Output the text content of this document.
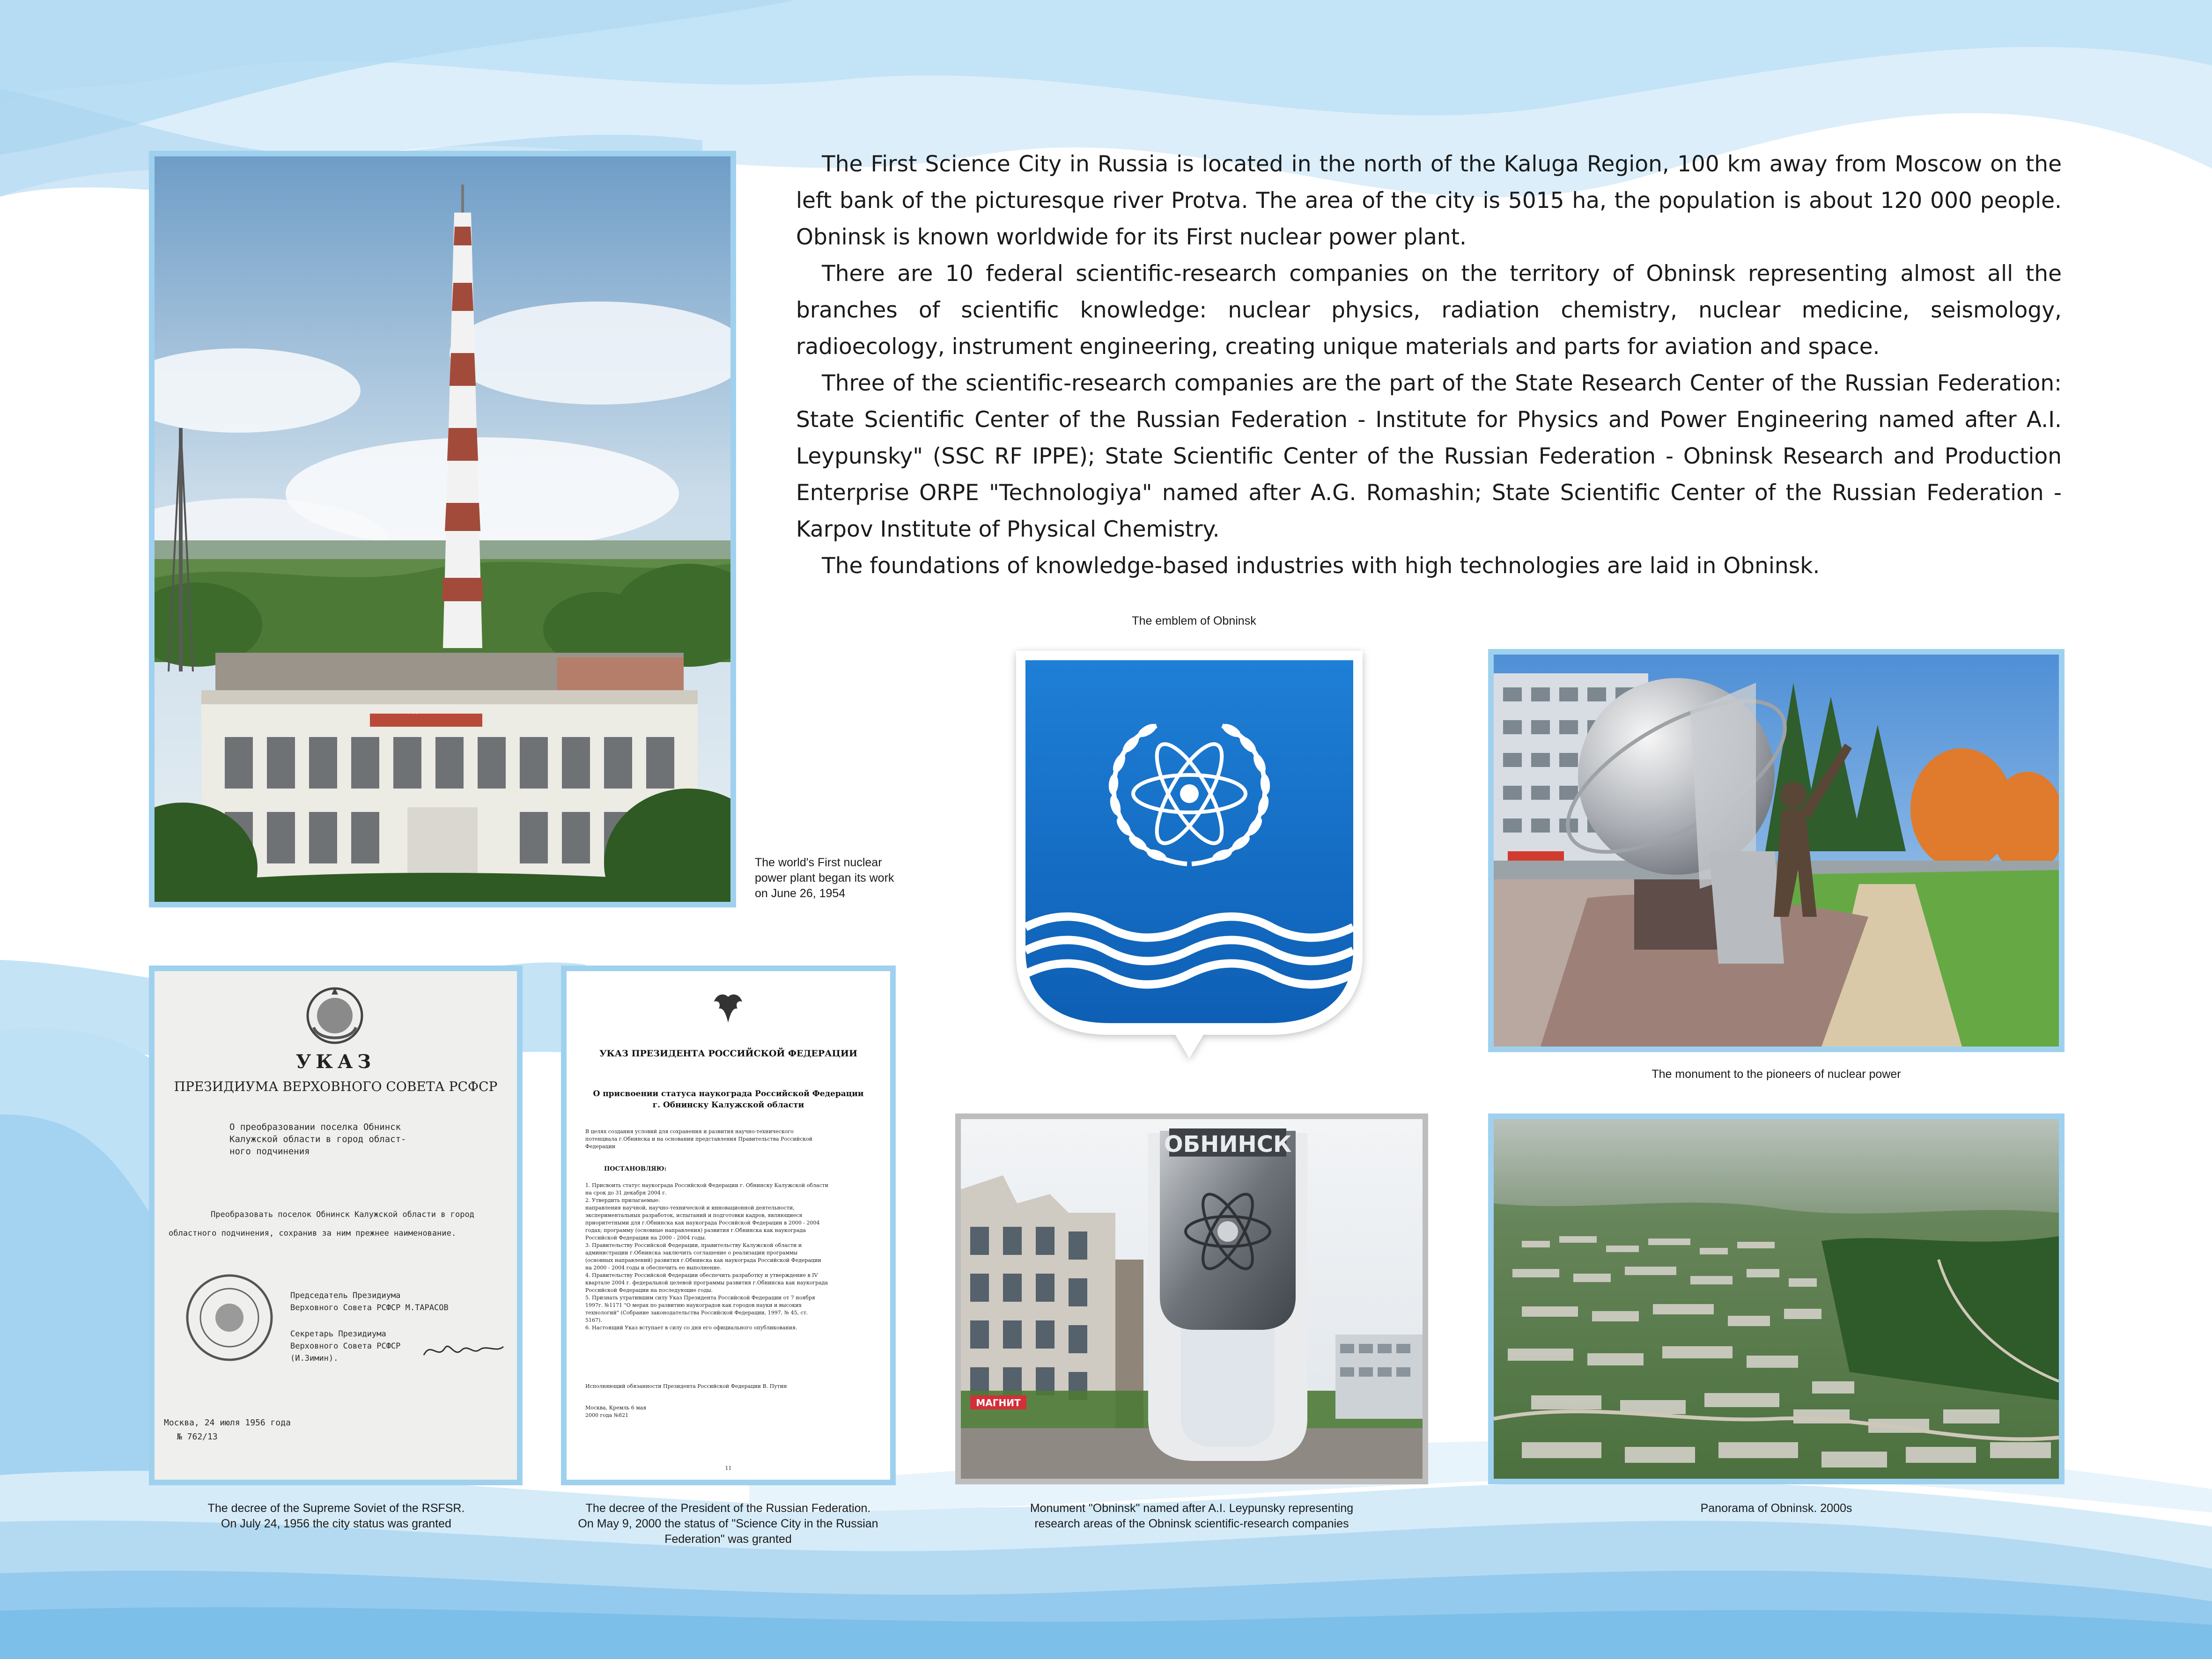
The First Science City in Russia is located in the north of the Kaluga Region, 100 km away from Moscow on the left bank of the picturesque river Protva. The area of the city is 5015 ha, the population is about 120 000 people. Obninsk is known worldwide for its First nuclear power plant.

There are 10 federal scientific-research companies on the territory of Obninsk representing almost all the branches of scientific knowledge: nuclear physics, radiation chemistry, nuclear medicine, seismology, radioecology, instrument engineering, creating unique materials and parts for aviation and space.

Three of the scientific-research companies are the part of the State Research Center of the Russian Federation: State Scientific Center of the Russian Federation - Institute for Physics and Power Engineering named after A.I. Leypunsky" (SSC RF IPPE); State Scientific Center of the Russian Federation - Obninsk Research and Production Enterprise ORPE "Technologiya" named after A.G. Romashin; State Scientific Center of the Russian Federation - Karpov Institute of Physical Chemistry.

The foundations of knowledge-based industries with high technologies are laid in Obninsk.

ГОРОДСКОЙ НАУКИ
The world's First nuclear
power plant began its work
on June 26, 1954
The emblem of Obninsk
The monument to the pioneers of nuclear power
УКАЗ
ПРЕЗИДИУМА ВЕРХОВНОГО СОВЕТА РСФСР
О преобразовании поселка Обнинск
Калужской области в город област-
ного подчинения
Преобразовать поселок Обнинск Калужской области в город
областного подчинения, сохранив за ним прежнее наименование.
Председатель Президиума
Верховного Совета РСФСР М.ТАРАСОВ
Секретарь Президиума
Верховного Совета РСФСР
(И.Зимин).
Москва, 24 июля 1956 года
№ 762/13
The decree of the Supreme Soviet of the RSFSR.
On July 24, 1956 the city status was granted
УКАЗ ПРЕЗИДЕНТА РОССИЙСКОЙ ФЕДЕРАЦИИ
О присвоении статуса наукограда Российской Федерации
г. Обнинску Калужской области
В целях создания условий для сохранения и развития научно-технического
потенциала г.Обнинска и на основании представления Правительства Российской
Федерации
ПОСТАНОВЛЯЮ:
1. Присвоить статус наукограда Российской Федерации г. Обнинску Калужской области
на срок до 31 декабря 2004 г.
2. Утвердить прилагаемые:
направления научной, научно-технической и инновационной деятельности,
экспериментальных разработок, испытаний и подготовки кадров, являющиеся
приоритетными для г.Обнинска как наукограда Российской Федерации в 2000 - 2004
годах; программу (основные направления) развития г.Обнинска как наукограда
Российской Федерации на 2000 - 2004 годы.
3. Правительству Российской Федерации, правительству Калужской области и
администрации г.Обнинска заключить соглашение о реализации программы
(основных направлений) развития г.Обнинска как наукограда Российской Федерации
на 2000 - 2004 годы и обеспечить ее выполнение.
4. Правительству Российской Федерации обеспечить разработку и утверждение в IV
квартале 2004 г. федеральной целевой программы развития г.Обнинска как наукограда
Российской Федерации на последующие годы.
5. Признать утратившим силу Указ Президента Российской Федерации от 7 ноября
1997г. №1171 "О мерах по развитию наукоградов как городов науки и высоких
технологий" (Собрание законодательства Российской Федерации, 1997, № 45, ст.
5167).
6. Настоящий Указ вступает в силу со дня его официального опубликования.
Исполняющий обязанности Президента Российской Федерации В. Путин
Москва, Кремль 6 мая
2000 года №821
11
The decree of the President of the Russian Federation.
On May 9, 2000 the status of "Science City in the Russian
Federation" was granted
ОБНИНСК
МАГНИТ
Monument "Obninsk" named after A.I. Leypunsky representing
research areas of the Obninsk scientific-research companies
Panorama of Obninsk. 2000s
